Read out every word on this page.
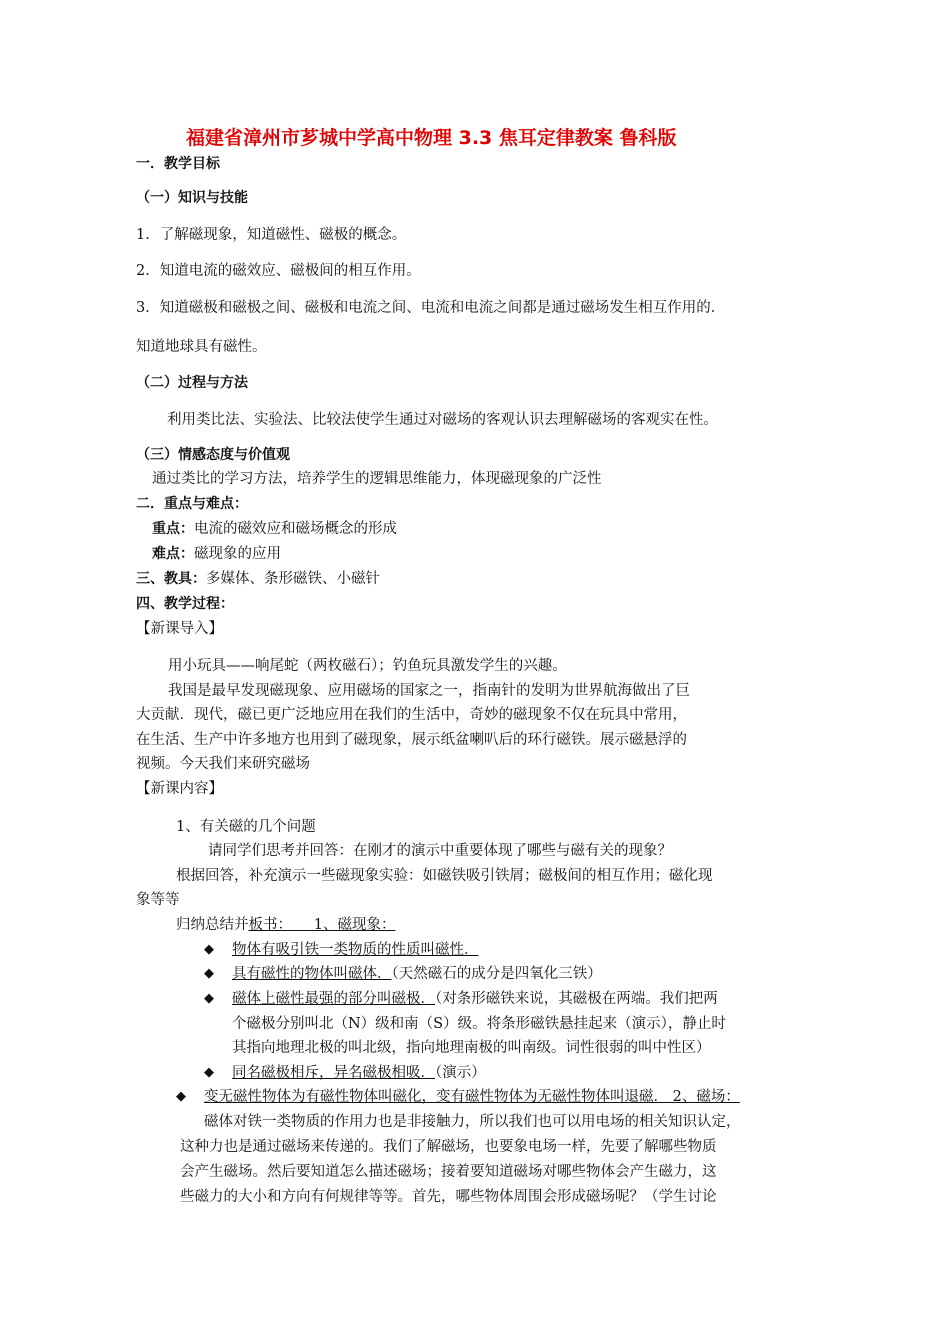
福建省漳州市芗城中学高中物理 3.3 焦耳定律教案 鲁科版
一．教学目标
（一）知识与技能
1．了解磁现象，知道磁性、磁极的概念。
2．知道电流的磁效应、磁极间的相互作用。
3．知道磁极和磁极之间、磁极和电流之间、电流和电流之间都是通过磁场发生相互作用的．
知道地球具有磁性。
（二）过程与方法
利用类比法、实验法、比较法使学生通过对磁场的客观认识去理解磁场的客观实在性。
（三）情感态度与价值观
通过类比的学习方法，培养学生的逻辑思维能力，体现磁现象的广泛性
二．重点与难点：
重点：电流的磁效应和磁场概念的形成
难点：磁现象的应用
三、教具：多媒体、条形磁铁、小磁针
四、教学过程：
【新课导入】
用小玩具——响尾蛇（两枚磁石）；钓鱼玩具激发学生的兴趣。
我国是最早发现磁现象、应用磁场的国家之一，指南针的发明为世界航海做出了巨
大贡献．现代，磁已更广泛地应用在我们的生活中，奇妙的磁现象不仅在玩具中常用，
在生活、生产中许多地方也用到了磁现象，展示纸盆喇叭后的环行磁铁。展示磁悬浮的
视频。今天我们来研究磁场
【新课内容】
1、有关磁的几个问题
请同学们思考并回答：在刚才的演示中重要体现了哪些与磁有关的现象？
根据回答，补充演示一些磁现象实验：如磁铁吸引铁屑；磁极间的相互作用；磁化现
象等等
归纳总结并板书：　　1、磁现象：
◆ 物体有吸引铁一类物质的性质叫磁性．
◆ 具有磁性的物体叫磁体．（天然磁石的成分是四氧化三铁）
◆ 磁体上磁性最强的部分叫磁极．（对条形磁铁来说，其磁极在两端。我们把两
个磁极分别叫北（N）级和南（S）级。将条形磁铁悬挂起来（演示），静止时
其指向地理北极的叫北级，指向地理南极的叫南级。词性很弱的叫中性区）
◆ 同名磁极相斥，异名磁极相吸．（演示）
◆ 变无磁性物体为有磁性物体叫磁化，变有磁性物体为无磁性物体叫退磁． 2、磁场：
磁体对铁一类物质的作用力也是非接触力，所以我们也可以用电场的相关知识认定，
这种力也是通过磁场来传递的。我们了解磁场，也要象电场一样，先要了解哪些物质
会产生磁场。然后要知道怎么描述磁场；接着要知道磁场对哪些物体会产生磁力，这
些磁力的大小和方向有何规律等等。首先，哪些物体周围会形成磁场呢？（学生讨论
